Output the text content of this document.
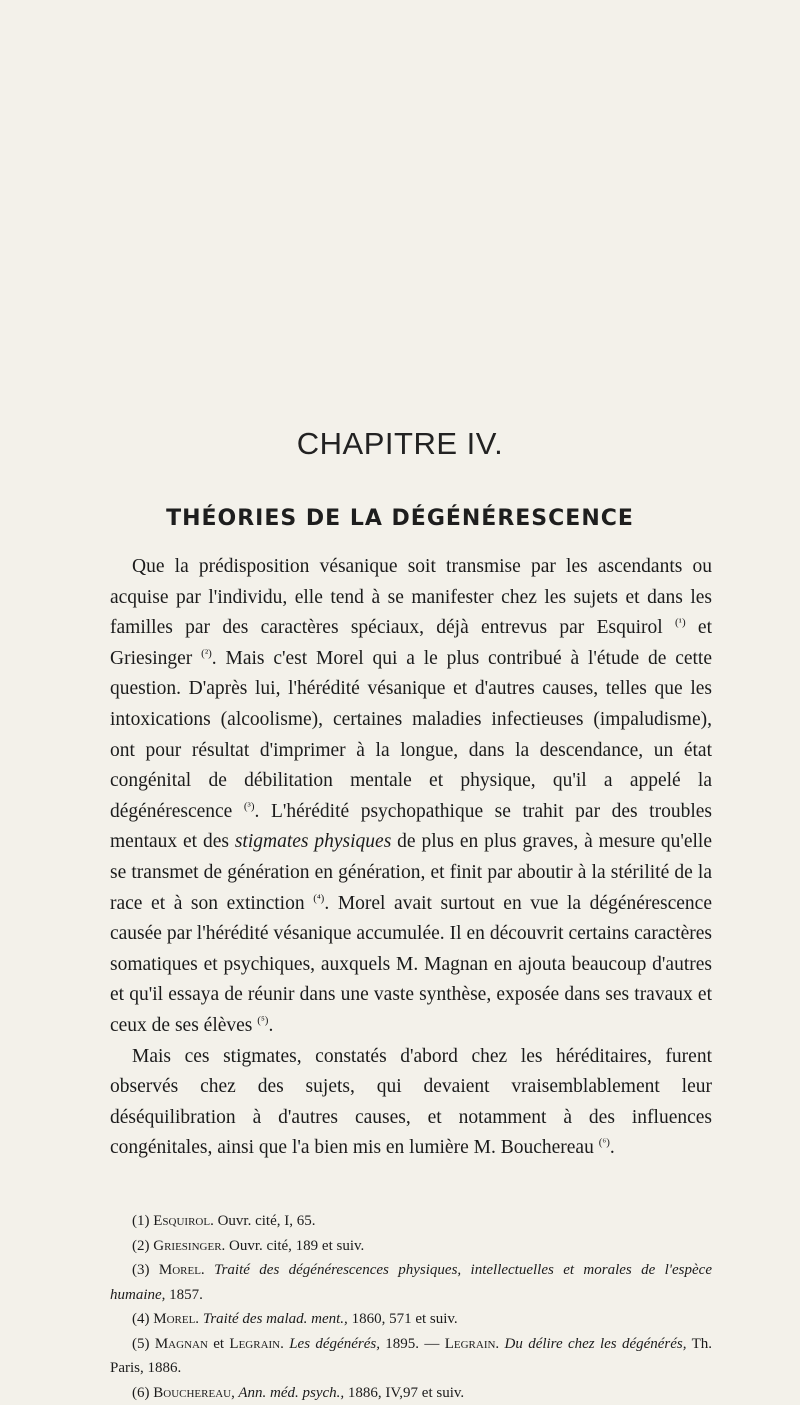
CHAPITRE IV.
THÉORIES DE LA DÉGÉNÉRESCENCE

Que la prédisposition vésanique soit transmise par les ascendants ou acquise par l'individu, elle tend à se manifester chez les sujets et dans les familles par des caractères spéciaux, déjà entrevus par Esquirol $^{(^1)}$ et Griesinger $^{(^2)}$. Mais c'est Morel qui a le plus contribué à l'étude de cette question. D'après lui, l'hérédité vésanique et d'autres causes, telles que les intoxications (alcoolisme), certaines maladies infectieuses (impaludisme), ont pour résultat d'imprimer à la longue, dans la descendance, un état congénital de débilitation mentale et physique, qu'il a appelé la dégénérescence $^{(^3)}$. L'hérédité psychopathique se trahit par des troubles mentaux et des stigmates physiques de plus en plus graves, à mesure qu'elle se transmet de génération en génération, et finit par aboutir à la stérilité de la race et à son extinction $^{(^4)}$. Morel avait surtout en vue la dégénérescence causée par l'hérédité vésanique accumulée. Il en découvrit certains caractères somatiques et psychiques, auxquels M. Magnan en ajouta beaucoup d'autres et qu'il essaya de réunir dans une vaste synthèse, exposée dans ses travaux et ceux de ses élèves $^{(^5)}$.

Mais ces stigmates, constatés d'abord chez les héréditaires, furent observés chez des sujets, qui devaient vraisemblablement leur déséquilibration à d'autres causes, et notamment à des influences congénitales, ainsi que l'a bien mis en lumière M. Bouchereau $^{(^6)}$.

(1) Esquirol. Ouvr. cité, I, 65.

(2) Griesinger. Ouvr. cité, 189 et suiv.

(3) Morel. Traité des dégénérescences physiques, intellectuelles et morales de l'espèce humaine, 1857.

(4) Morel. Traité des malad. ment., 1860, 571 et suiv.

(5) Magnan et Legrain. Les dégénérés, 1895. — Legrain. Du délire chez les dégénérés, Th. Paris, 1886.

(6) Bouchereau, Ann. méd. psych., 1886, IV,97 et suiv.
